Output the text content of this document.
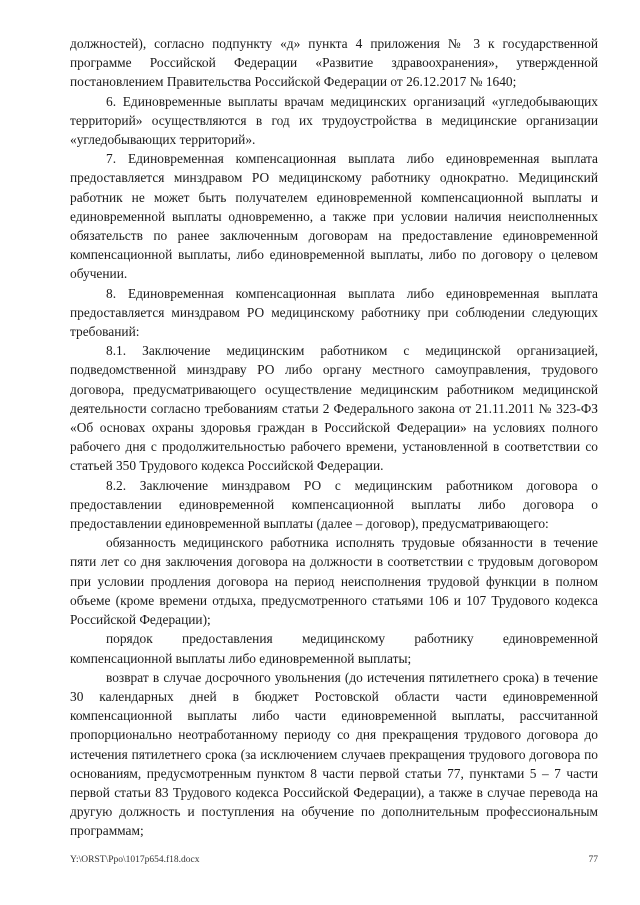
должностей), согласно подпункту «д» пункта 4 приложения № 3 к государственной программе Российской Федерации «Развитие здравоохранения», утвержденной постановлением Правительства Российской Федерации от 26.12.2017 № 1640;

6. Единовременные выплаты врачам медицинских организаций «угледобывающих территорий» осуществляются в год их трудоустройства в медицинские организации «угледобывающих территорий».

7. Единовременная компенсационная выплата либо единовременная выплата предоставляется минздравом РО медицинскому работнику однократно. Медицинский работник не может быть получателем единовременной компенсационной выплаты и единовременной выплаты одновременно, а также при условии наличия неисполненных обязательств по ранее заключенным договорам на предоставление единовременной компенсационной выплаты, либо единовременной выплаты, либо по договору о целевом обучении.

8. Единовременная компенсационная выплата либо единовременная выплата предоставляется минздравом РО медицинскому работнику при соблюдении следующих требований:

8.1. Заключение медицинским работником с медицинской организацией, подведомственной минздраву РО либо органу местного самоуправления, трудового договора, предусматривающего осуществление медицинским работником медицинской деятельности согласно требованиям статьи 2 Федерального закона от 21.11.2011 № 323-ФЗ «Об основах охраны здоровья граждан в Российской Федерации» на условиях полного рабочего дня с продолжительностью рабочего времени, установленной в соответствии со статьей 350 Трудового кодекса Российской Федерации.

8.2. Заключение минздравом РО с медицинским работником договора о предоставлении единовременной компенсационной выплаты либо договора о предоставлении единовременной выплаты (далее – договор), предусматривающего:

обязанность медицинского работника исполнять трудовые обязанности в течение пяти лет со дня заключения договора на должности в соответствии с трудовым договором при условии продления договора на период неисполнения трудовой функции в полном объеме (кроме времени отдыха, предусмотренного статьями 106 и 107 Трудового кодекса Российской Федерации);

порядок предоставления медицинскому работнику единовременной компенсационной выплаты либо единовременной выплаты;

возврат в случае досрочного увольнения (до истечения пятилетнего срока) в течение 30 календарных дней в бюджет Ростовской области части единовременной компенсационной выплаты либо части единовременной выплаты, рассчитанной пропорционально неотработанному периоду со дня прекращения трудового договора до истечения пятилетнего срока (за исключением случаев прекращения трудового договора по основаниям, предусмотренным пунктом 8 части первой статьи 77, пунктами 5 – 7 части первой статьи 83 Трудового кодекса Российской Федерации), а также в случае перевода на другую должность и поступления на обучение по дополнительным профессиональным программам;

Y:\ORST\Ppo\1017p654.f18.docx	77
